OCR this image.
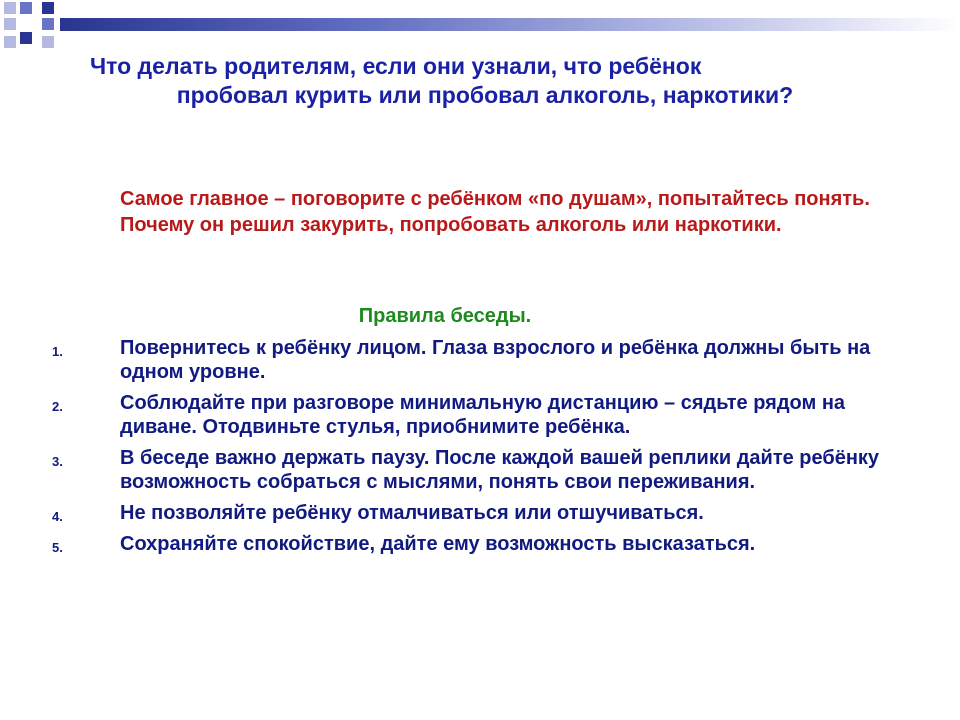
Что делать родителям, если они узнали, что ребёнок
пробовал курить или пробовал алкоголь, наркотики?
Самое главное – поговорите с ребёнком «по душам», попытайтесь понять. Почему он решил закурить, попробовать алкоголь или наркотики.
Правила беседы.
1.	Повернитесь к ребёнку лицом. Глаза взрослого и ребёнка должны быть на одном уровне.
2.	Соблюдайте при разговоре минимальную дистанцию – сядьте рядом на диване. Отодвиньте стулья, приобнимите ребёнка.
3.	В беседе важно держать паузу. После каждой вашей реплики дайте ребёнку возможность собраться с мыслями, понять свои переживания.
4.	Не позволяйте ребёнку отмалчиваться или отшучиваться.
5.	Сохраняйте спокойствие, дайте ему возможность высказаться.
